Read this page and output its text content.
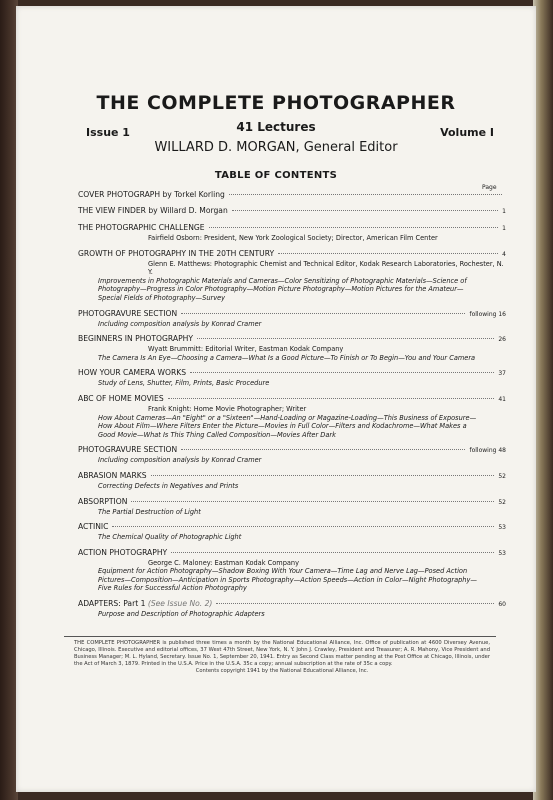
THE COMPLETE PHOTOGRAPHER
Issue 1	41 Lectures	Volume I
WILLARD D. MORGAN, General Editor
TABLE OF CONTENTS
Page
COVER PHOTOGRAPH by Torkel Korling
THE VIEW FINDER by Willard D. Morgan	1
THE PHOTOGRAPHIC CHALLENGE	1
Fairfield Osborn: President, New York Zoological Society; Director, American Film Center
GROWTH OF PHOTOGRAPHY IN THE 20TH CENTURY	4
Glenn E. Matthews: Photographic Chemist and Technical Editor, Kodak Research Laboratories, Rochester, N. Y.
Improvements in Photographic Materials and Cameras—Color Sensitizing of Photographic Materials—Science of Photography—Progress in Color Photography—Motion Picture Photography—Motion Pictures for the Amateur—Special Fields of Photography—Survey
PHOTOGRAVURE SECTION	following 16
Including composition analysis by Konrad Cramer
BEGINNERS IN PHOTOGRAPHY	26
Wyatt Brummitt: Editorial Writer, Eastman Kodak Company
The Camera Is An Eye—Choosing a Camera—What Is a Good Picture—To Finish or To Begin—You and Your Camera
HOW YOUR CAMERA WORKS	37
Study of Lens, Shutter, Film, Prints, Basic Procedure
ABC OF HOME MOVIES	41
Frank Knight: Home Movie Photographer; Writer
How About Cameras—An "Eight" or a "Sixteen"—Hand-Loading or Magazine-Loading—This Business of Exposure—How About Film—Where Filters Enter the Picture—Movies in Full Color—Filters and Kodachrome—What Makes a Good Movie—What Is This Thing Called Composition—Movies After Dark
PHOTOGRAVURE SECTION	following 48
Including composition analysis by Konrad Cramer
ABRASION MARKS	52
Correcting Defects in Negatives and Prints
ABSORPTION	52
The Partial Destruction of Light
ACTINIC	53
The Chemical Quality of Photographic Light
ACTION PHOTOGRAPHY	53
George C. Maloney: Eastman Kodak Company
Equipment for Action Photography—Shadow Boxing With Your Camera—Time Lag and Nerve Lag—Posed Action Pictures—Composition—Anticipation in Sports Photography—Action Speeds—Action in Color—Night Photography—Five Rules for Successful Action Photography
ADAPTERS: Part 1 (See Issue No. 2)	60
Purpose and Description of Photographic Adapters
THE COMPLETE PHOTOGRAPHER is published three times a month by the National Educational Alliance, Inc. Office of publication at 4600 Diversey Avenue, Chicago, Illinois. Executive and editorial offices, 37 West 47th Street, New York, N. Y. John J. Crawley, President and Treasurer; A. R. Mahony, Vice President and Business Manager; M. L. Hyland, Secretary. Issue No. 1, September 20, 1941. Entry as Second Class matter pending at the Post Office at Chicago, Illinois, under the Act of March 3, 1879. Printed in the U.S.A. Price in the U.S.A. 35c a copy; annual subscription at the rate of 35c a copy.
Contents copyright 1941 by the National Educational Alliance, Inc.
